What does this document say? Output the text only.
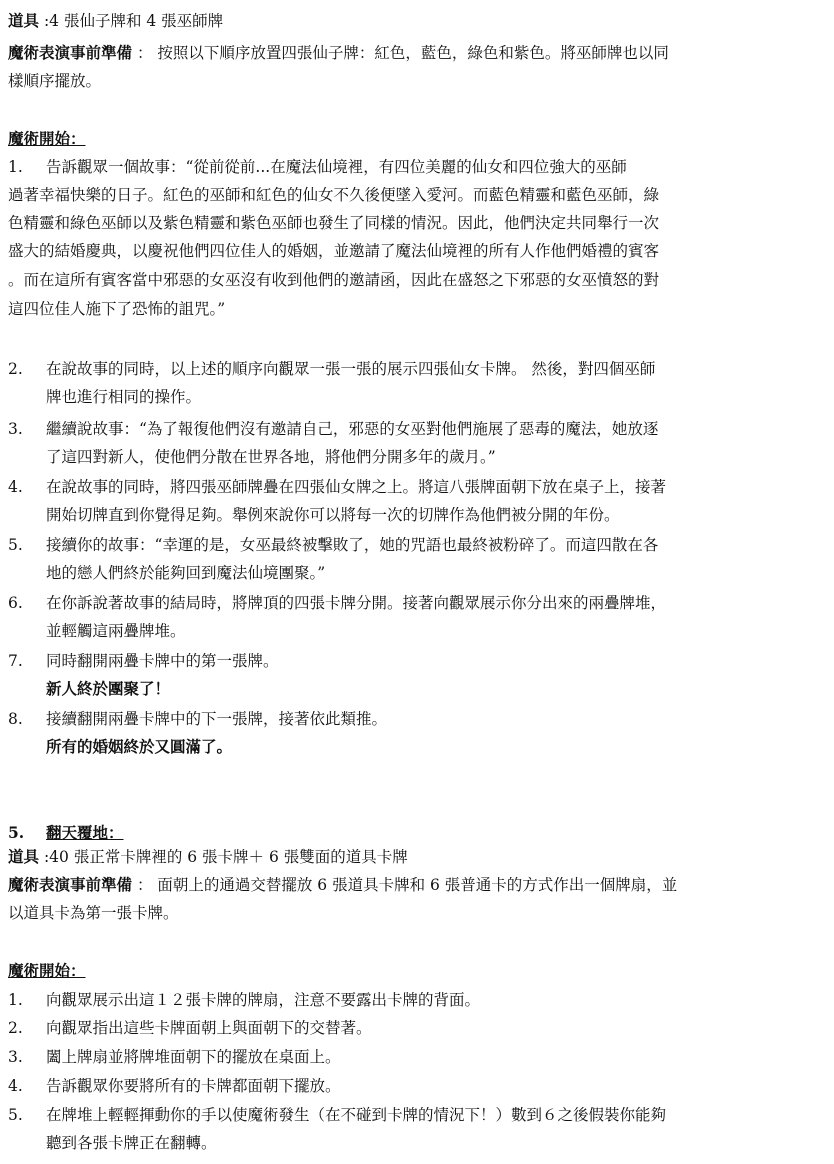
道具 :4 張仙子牌和 4 張巫師牌
魔術表演事前準備 ： 按照以下順序放置四張仙子牌：紅色，藍色，綠色和紫色。將巫師牌也以同
樣順序擺放。
魔術開始：
1. 告訴觀眾一個故事：“從前從前...在魔法仙境裡，有四位美麗的仙女和四位強大的巫師
過著幸福快樂的日子。紅色的巫師和紅色的仙女不久後便墜入愛河。而藍色精靈和藍色巫師，綠
色精靈和綠色巫師以及紫色精靈和紫色巫師也發生了同樣的情況。因此，他們決定共同舉行一次
盛大的結婚慶典，以慶祝他們四位佳人的婚姻，並邀請了魔法仙境裡的所有人作他們婚禮的賓客
。而在這所有賓客當中邪惡的女巫沒有收到他們的邀請函，因此在盛怒之下邪惡的女巫憤怒的對
這四位佳人施下了恐怖的詛咒。”
2. 在說故事的同時，以上述的順序向觀眾一張一張的展示四張仙女卡牌。 然後，對四個巫師
牌也進行相同的操作。
3. 繼續說故事：“為了報復他們沒有邀請自己，邪惡的女巫對他們施展了惡毒的魔法，她放逐
了這四對新人，使他們分散在世界各地，將他們分開多年的歲月。”
4. 在說故事的同時，將四張巫師牌疊在四張仙女牌之上。將這八張牌面朝下放在桌子上，接著
開始切牌直到你覺得足夠。舉例來說你可以將每一次的切牌作為他們被分開的年份。
5. 接續你的故事：“幸運的是，女巫最終被擊敗了，她的咒語也最終被粉碎了。而這四散在各
地的戀人們終於能夠回到魔法仙境團聚。”
6. 在你訴說著故事的結局時，將牌頂的四張卡牌分開。接著向觀眾展示你分出來的兩疊牌堆，
並輕觸這兩疊牌堆。
7. 同時翻開兩疊卡牌中的第一張牌。
新人終於團聚了！
8. 接續翻開兩疊卡牌中的下一張牌，接著依此類推。
所有的婚姻終於又圓滿了。
5. 翻天覆地：
道具 :40 張正常卡牌裡的 6 張卡牌＋ 6 張雙面的道具卡牌
魔術表演事前準備 ： 面朝上的通過交替擺放 6 張道具卡牌和 6 張普通卡的方式作出一個牌扇，並
以道具卡為第一張卡牌。
魔術開始：
1. 向觀眾展示出這１２張卡牌的牌扇，注意不要露出卡牌的背面。
2. 向觀眾指出這些卡牌面朝上與面朝下的交替著。
3. 闔上牌扇並將牌堆面朝下的擺放在桌面上。
4. 告訴觀眾你要將所有的卡牌都面朝下擺放。
5. 在牌堆上輕輕揮動你的手以使魔術發生（在不碰到卡牌的情況下！）數到６之後假裝你能夠
聽到各張卡牌正在翻轉。
